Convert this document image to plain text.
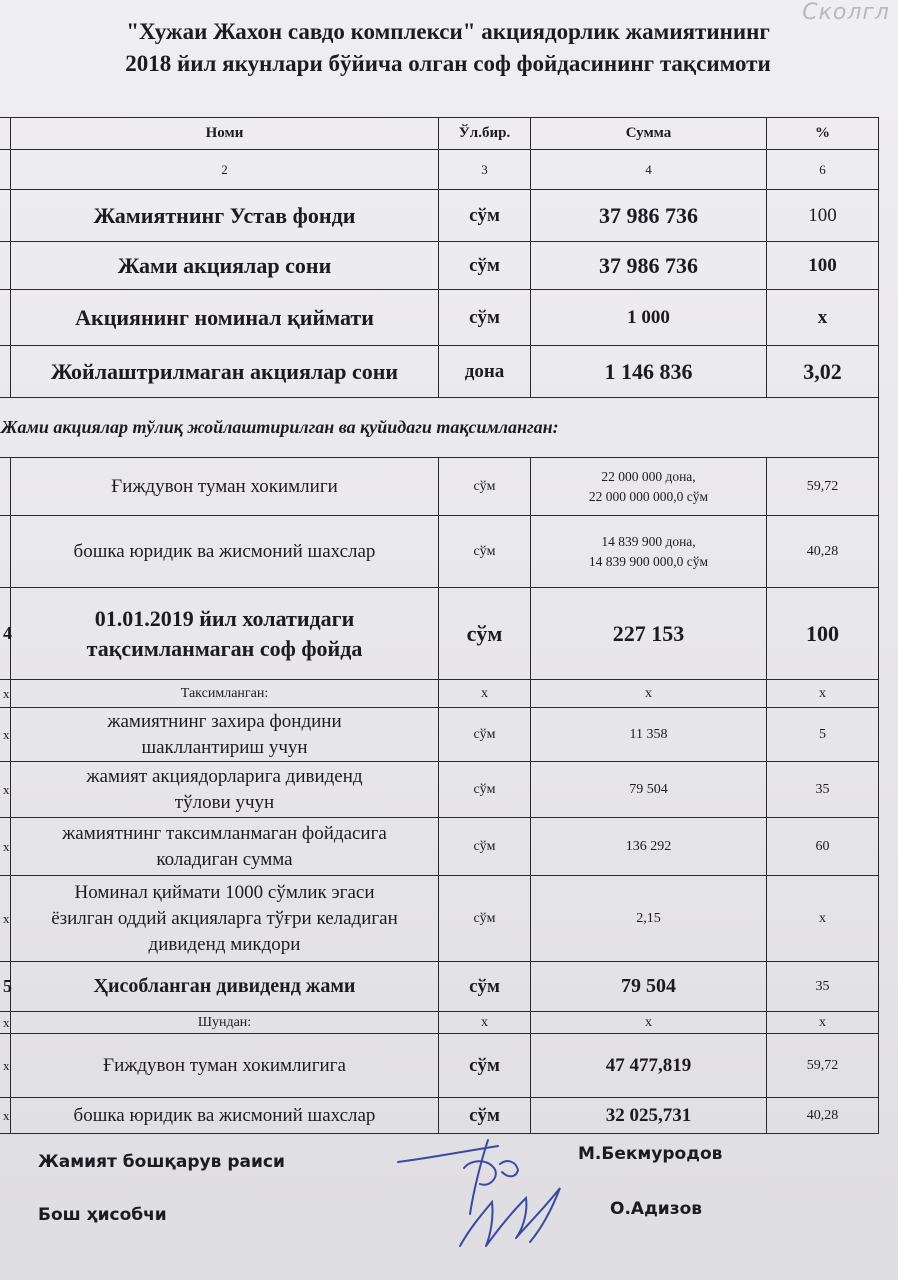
Сколгл
"Хужаи Жахон савдо комплекси" акциядорлик жамиятининг
2018 йил якунлари бўйича олган соф фойдасининг тақсимоти
	Номи	Ўл.бир.	Сумма	%
	2	3	4	6
	Жамиятнинг Устав фонди	сўм	37 986 736	100
	Жами акциялар сони	сўм	37 986 736	100
	Акциянинг номинал қиймати	сўм	1 000	х
	Жойлаштрилмаган акциялар сони	дона	1 146 836	3,02
Жами акциялар тўлиқ жойлаштирилган ва қуйидаги тақсимланган:				
	Ғиждувон туман хокимлиги	сўм	22 000 000 дона,
22 000 000 000,0 сўм	59,72
	бошка юридик ва жисмоний шахслар	сўм	14 839 900 дона,
14 839 900 000,0 сўм	40,28
4	01.01.2019 йил холатидаги
тақсимланмаган соф фойда	сўм	227 153	100
х	Таксимланган:	х	х	х
х	жамиятнинг захира фондини
шакллантириш учун	сўм	11 358	5
х	жамият акциядорларига дивиденд
тўлови учун	сўм	79 504	35
х	жамиятнинг таксимланмаган фойдасига
коладиган сумма	сўм	136 292	60
х	Номинал қиймати 1000 сўмлик эгаси
ёзилган оддий акцияларга тўғри келадиган
дивиденд микдори	сўм	2,15	х
5	Ҳисобланган дивиденд жами	сўм	79 504	35
х	Шундан:	х	х	х
х	Ғиждувон туман хокимлигига	сўм	47 477,819	59,72
х	бошка юридик ва жисмоний шахслар	сўм	32 025,731	40,28
Жамият бошқарув раиси	М.Бекмуродов
Бош ҳисобчи	О.Адизов
